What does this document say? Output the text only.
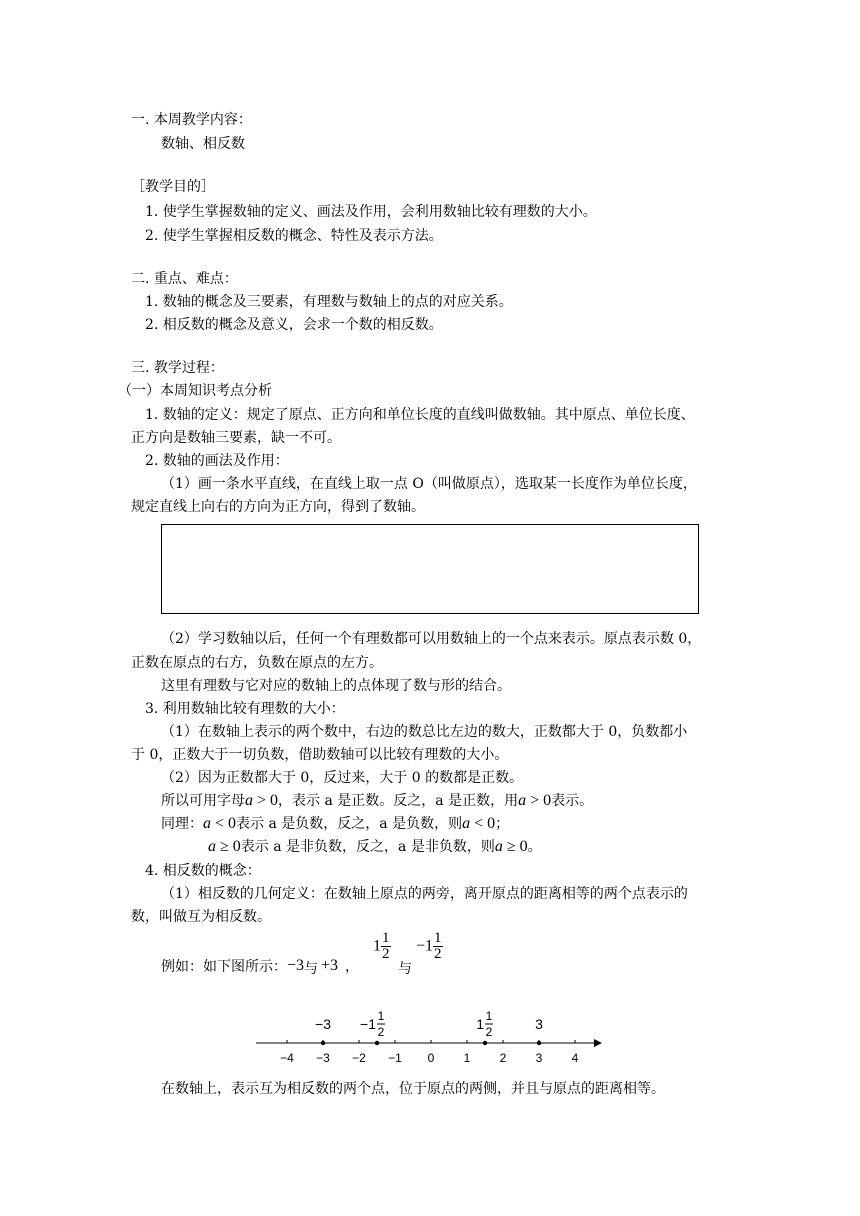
一. 本周教学内容：
数轴、相反数
［教学目的］
1. 使学生掌握数轴的定义、画法及作用，会利用数轴比较有理数的大小。
2. 使学生掌握相反数的概念、特性及表示方法。
二. 重点、难点：
1. 数轴的概念及三要素，有理数与数轴上的点的对应关系。
2. 相反数的概念及意义，会求一个数的相反数。
三. 教学过程：
（一）本周知识考点分析
1. 数轴的定义：规定了原点、正方向和单位长度的直线叫做数轴。其中原点、单位长度、
正方向是数轴三要素，缺一不可。
2. 数轴的画法及作用：
（1）画一条水平直线，在直线上取一点 O（叫做原点），选取某一长度作为单位长度，
规定直线上向右的方向为正方向，得到了数轴。
（2）学习数轴以后，任何一个有理数都可以用数轴上的一个点来表示。原点表示数 0，
正数在原点的右方，负数在原点的左方。
这里有理数与它对应的数轴上的点体现了数与形的结合。
3. 利用数轴比较有理数的大小：
（1）在数轴上表示的两个数中，右边的数总比左边的数大，正数都大于 0，负数都小
于 0，正数大于一切负数，借助数轴可以比较有理数的大小。
（2）因为正数都大于 0，反过来，大于 0 的数都是正数。
所以可用字母a > 0，表示 a 是正数。反之，a 是正数，用a > 0表示。
同理：a < 0表示 a 是负数，反之，a 是负数，则a < 0；
a ≥ 0表示 a 是非负数，反之，a 是非负数，则a ≥ 0。
4. 相反数的概念：
（1）相反数的几何定义：在数轴上原点的两旁，离开原点的距离相等的两个点表示的
数，叫做互为相反数。
例如：如下图所示： −3 与 +3 ，
$1 \frac{1}{2}$
与
$-1 \frac{1}{2}$
−4 −3 −2 −1 0 1 2 3 4
−3 −1 1
2	1 1
2	3
在数轴上，表示互为相反数的两个点，位于原点的两侧，并且与原点的距离相等。
